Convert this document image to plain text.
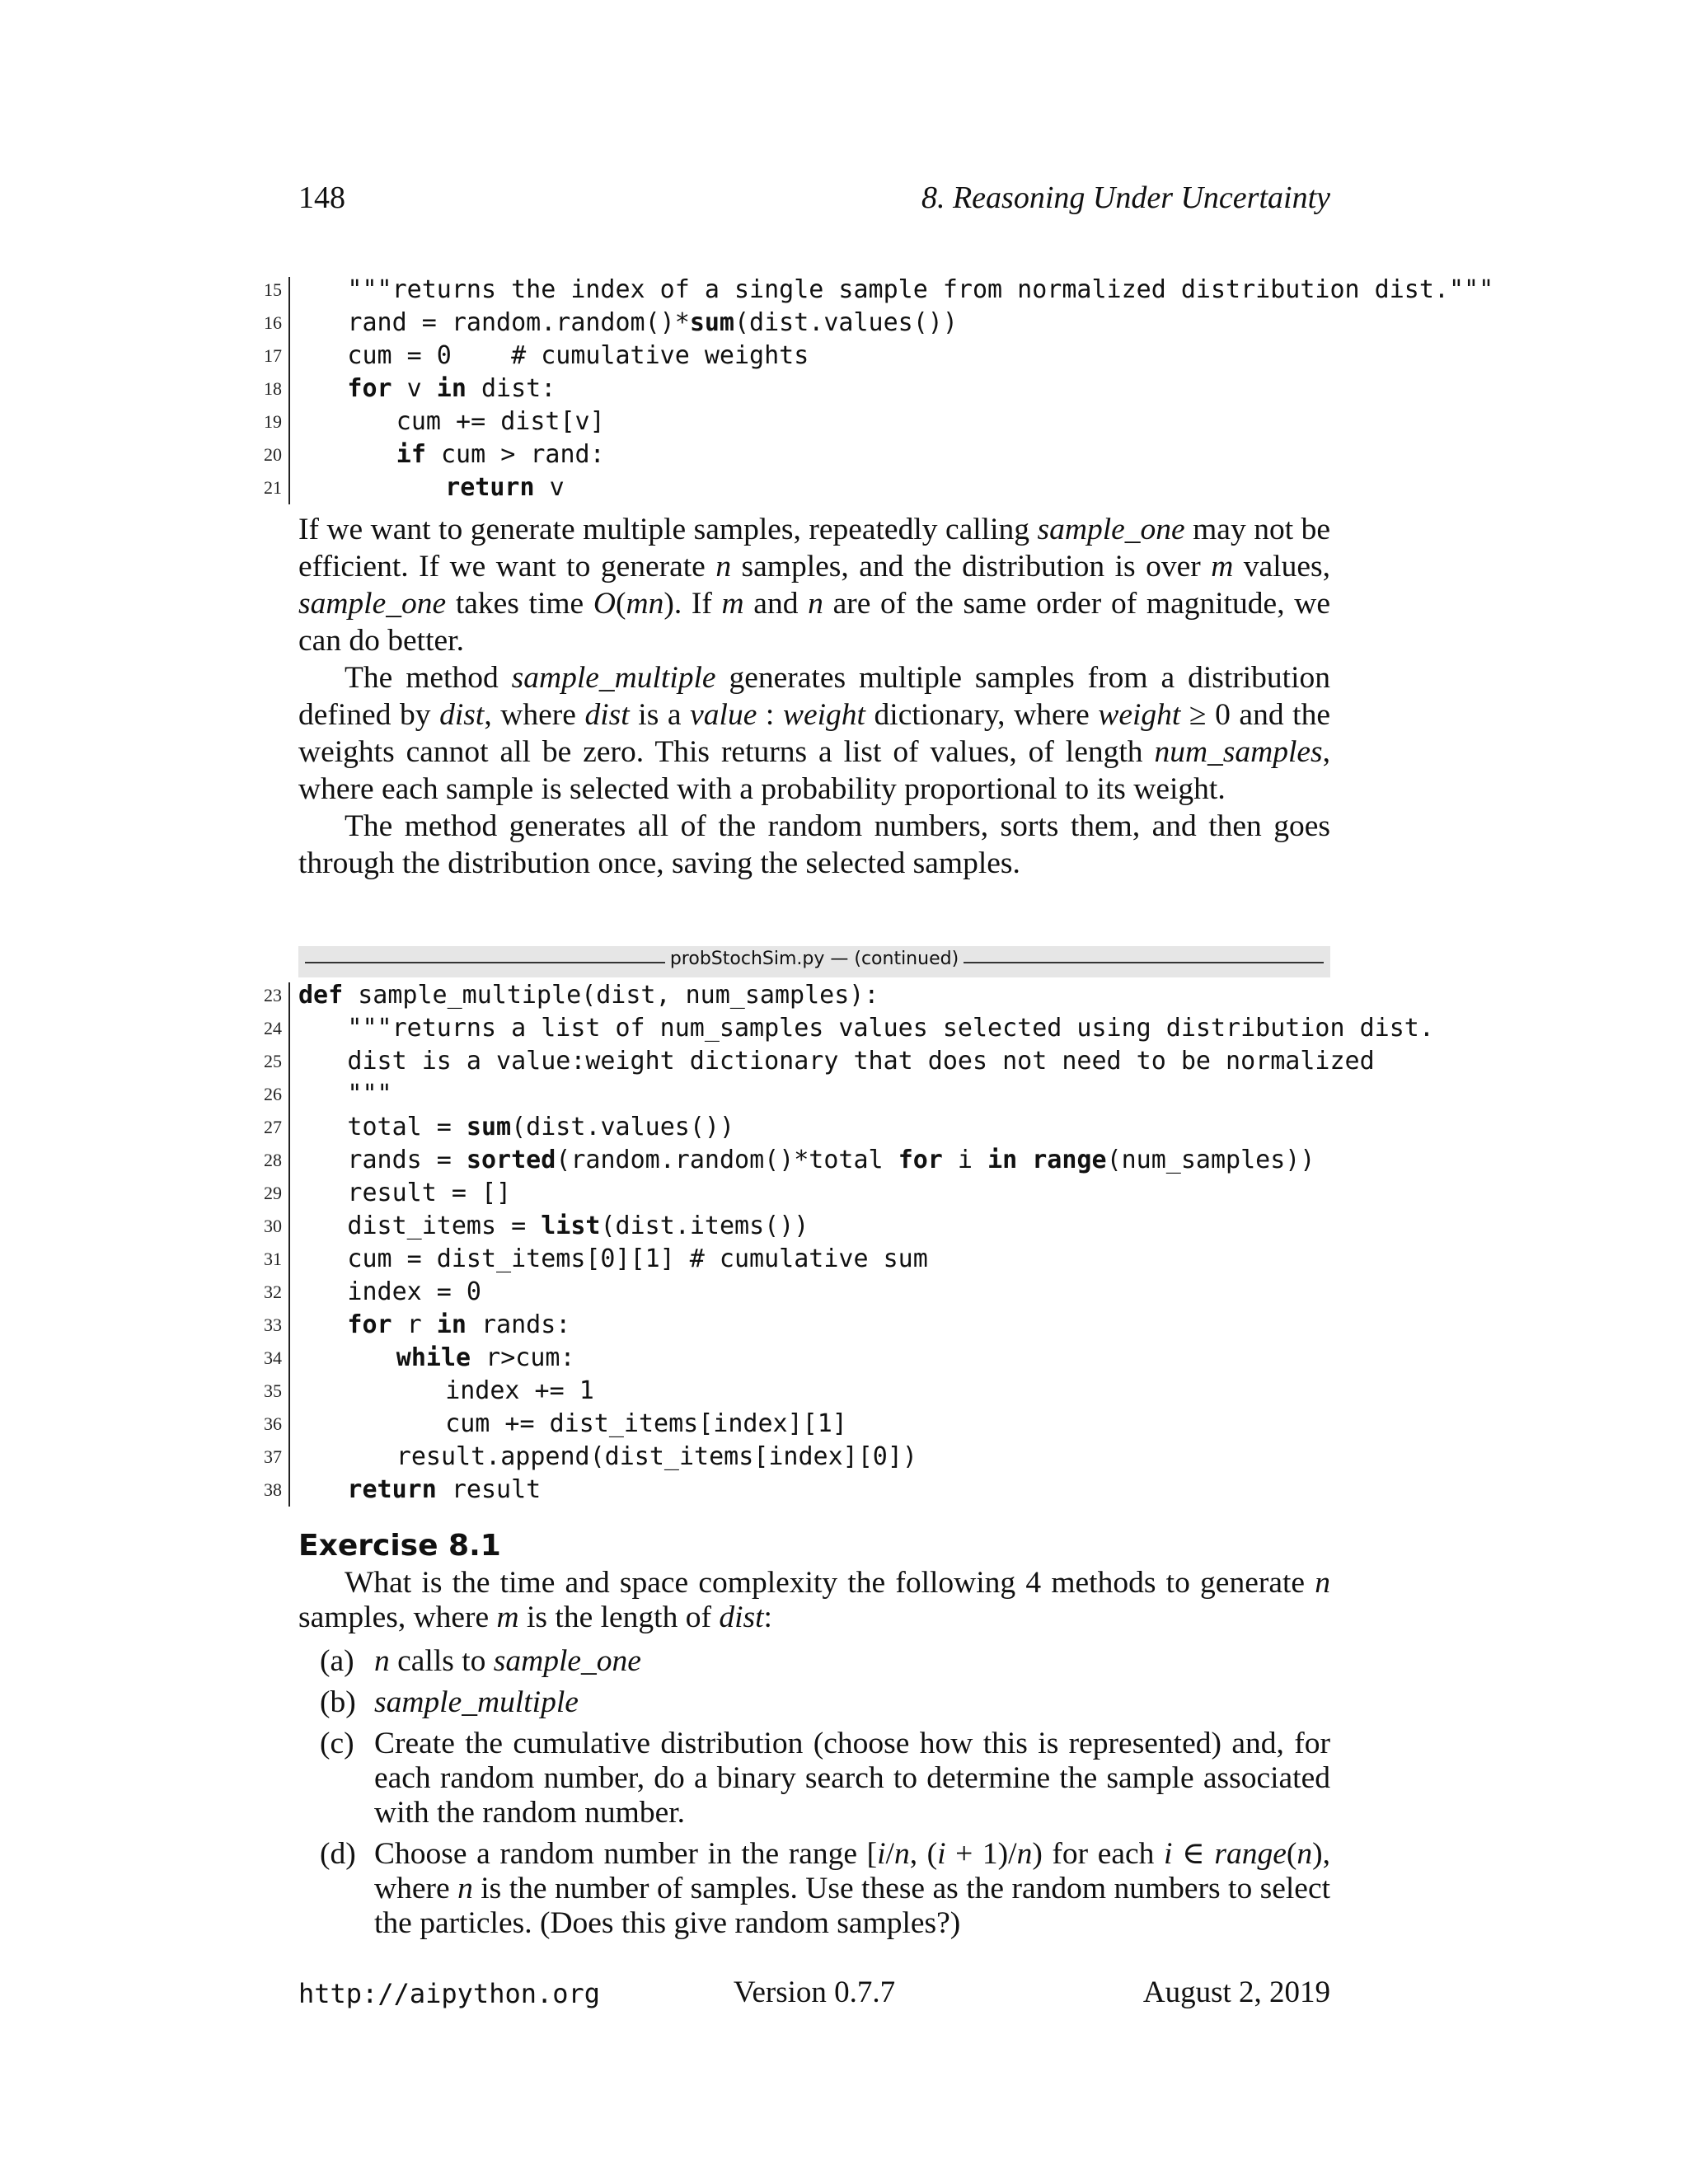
148	8. Reasoning Under Uncertainty
15	"""returns the index of a single sample from normalized distribution dist."""
16	rand = random.random()*sum(dist.values())
17	cum = 0    # cumulative weights
18	for v in dist:
19	cum += dist[v]
20	if cum > rand:
21	return v

If we want to generate multiple samples, repeatedly calling sample_one may not be efficient. If we want to generate n samples, and the distribution is over m values, sample_one takes time O(mn). If m and n are of the same order of magnitude, we can do better.

The method sample_multiple generates multiple samples from a distribution defined by dist, where dist is a value : weight dictionary, where weight ≥ 0 and the weights cannot all be zero. This returns a list of values, of length num_samples, where each sample is selected with a probability proportional to its weight.

The method generates all of the random numbers, sorts them, and then goes through the distribution once, saving the selected samples.

probStochSim.py — (continued)
23 def sample_multiple(dist, num_samples):
24	"""returns a list of num_samples values selected using distribution dist.
25	dist is a value:weight dictionary that does not need to be normalized
26	"""
27	total = sum(dist.values())
28	rands = sorted(random.random()*total for i in range(num_samples))
29	result = []
30	dist_items = list(dist.items())
31	cum = dist_items[0][1] # cumulative sum
32	index = 0
33	for r in rands:
34	while r>cum:
35	index += 1
36	cum += dist_items[index][1]
37	result.append(dist_items[index][0])
38	return result
Exercise 8.1

What is the time and space complexity the following 4 methods to generate n samples, where m is the length of dist:

(a) n calls to sample_one
(b) sample_multiple
(c) Create the cumulative distribution (choose how this is represented) and, for each random number, do a binary search to determine the sample associated with the random number.
(d) Choose a random number in the range [i/n, (i + 1)/n) for each i ∈ range(n), where n is the number of samples. Use these as the random numbers to select the particles. (Does this give random samples?)
http://aipython.org	Version 0.7.7	August 2, 2019
